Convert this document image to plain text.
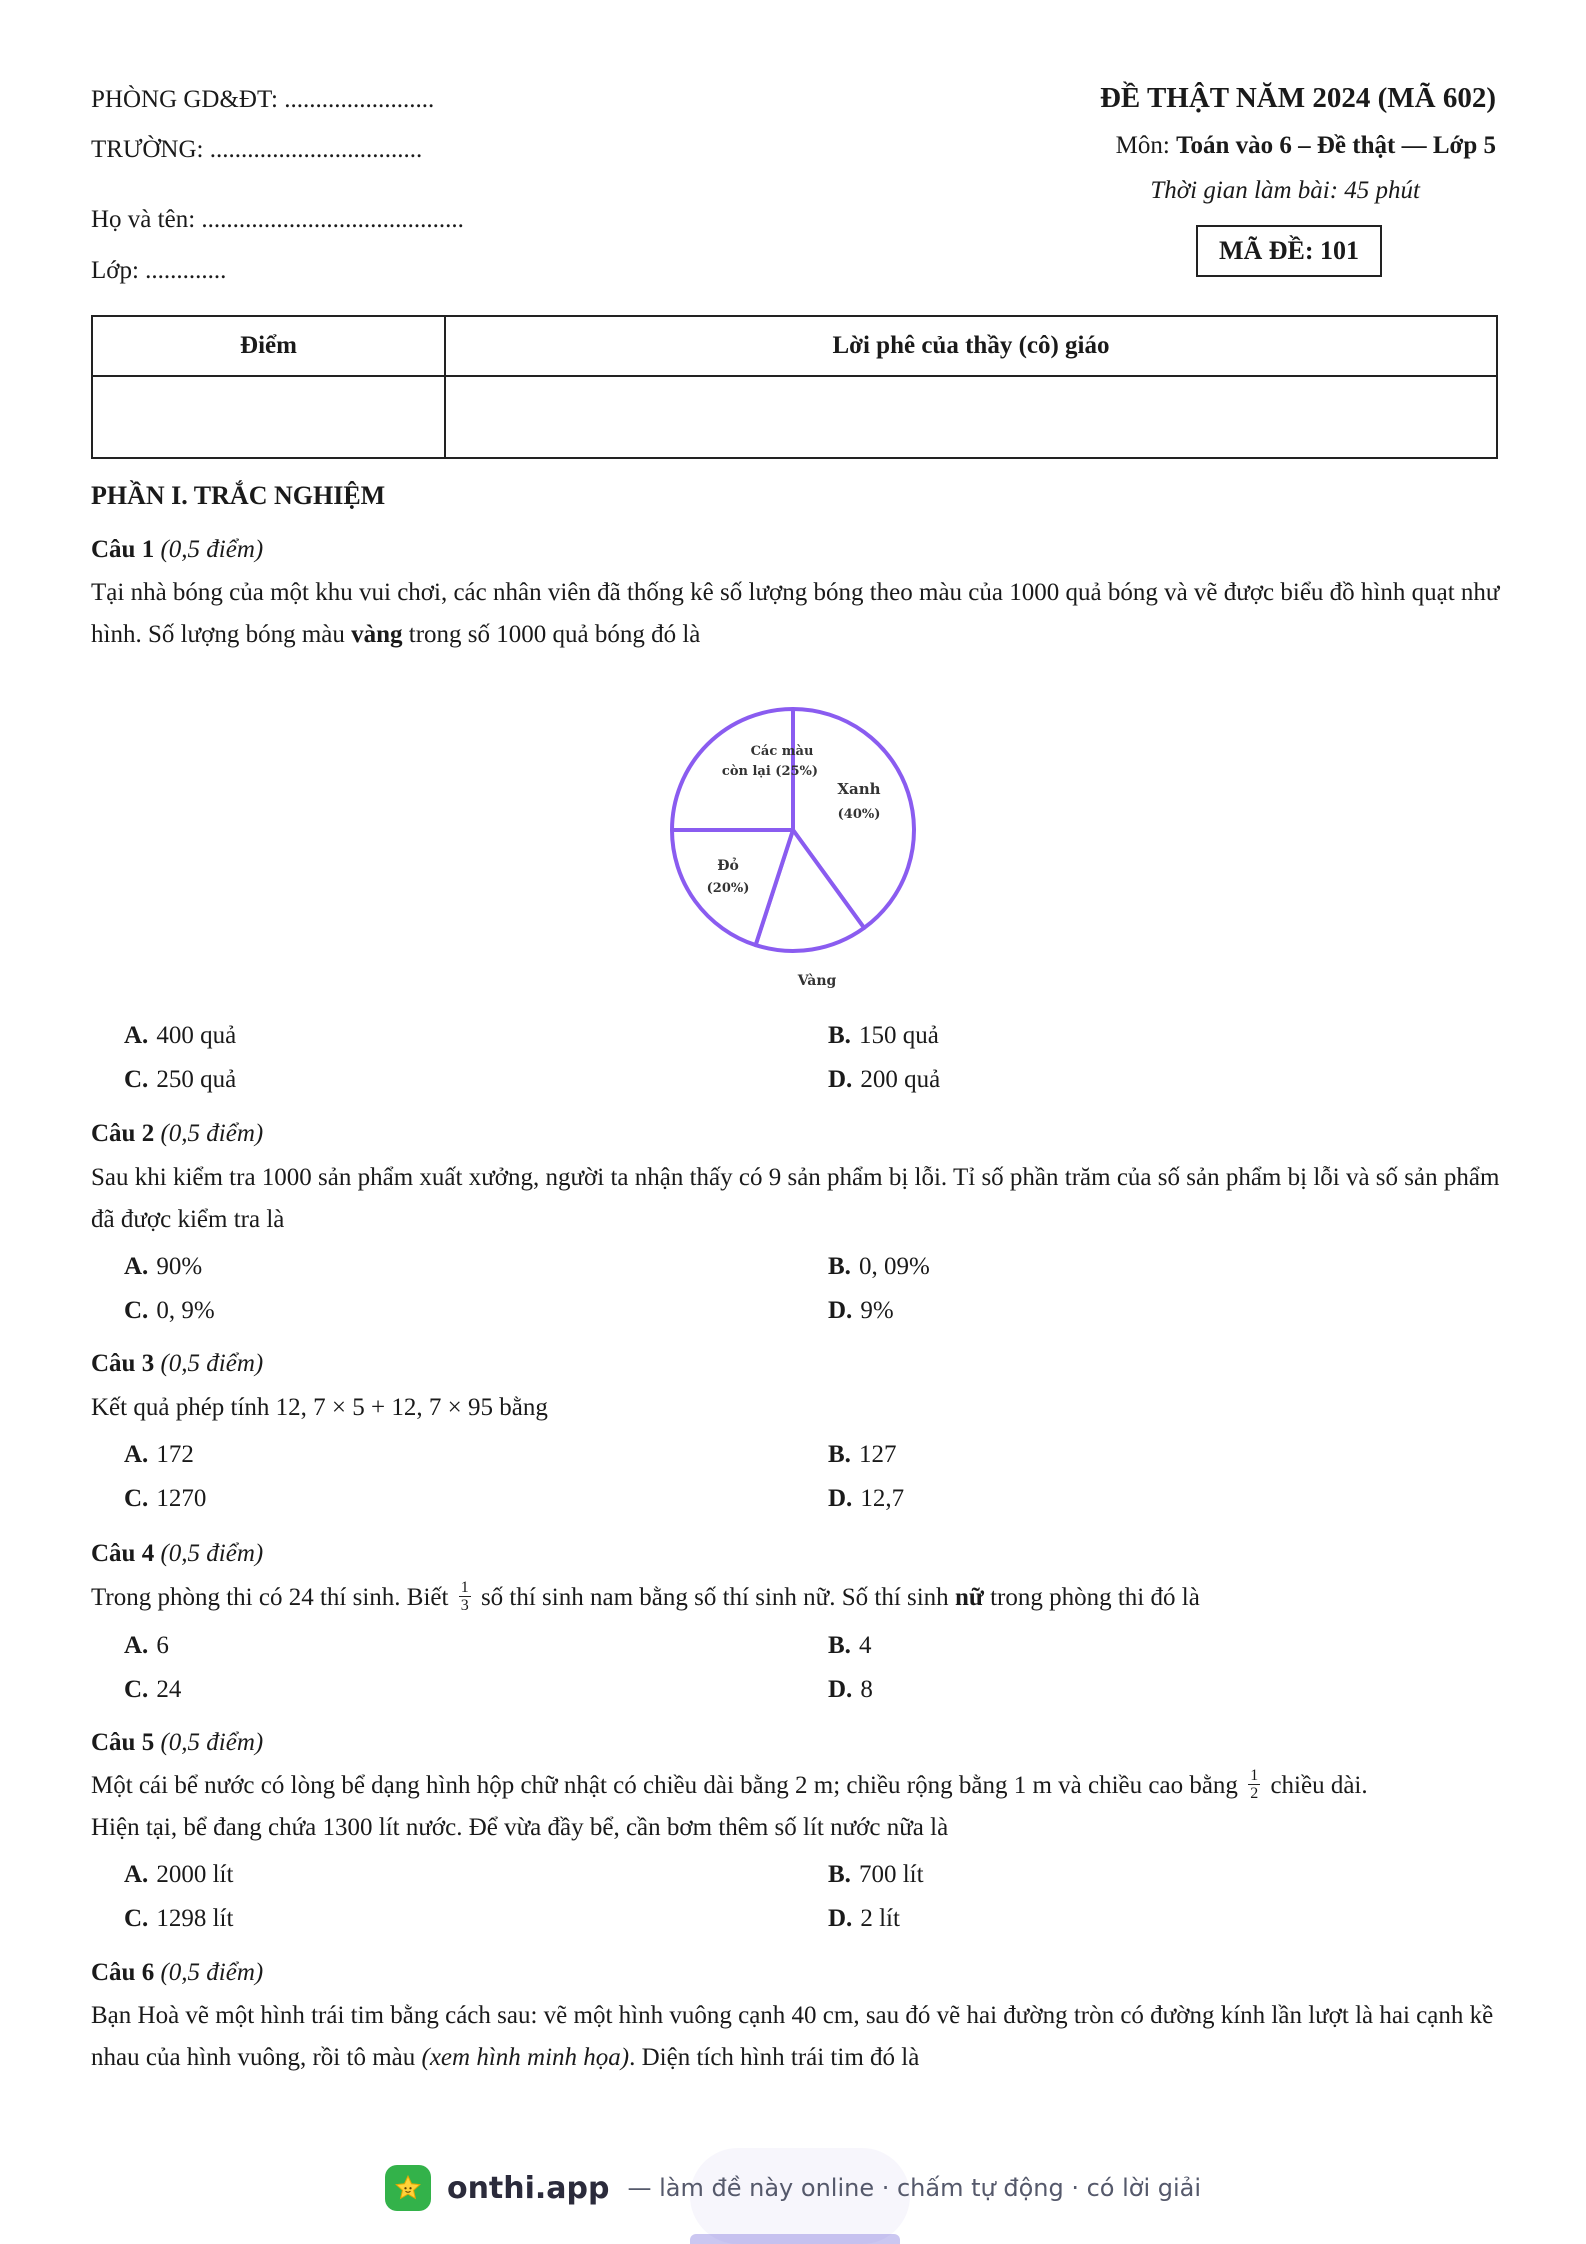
PHÒNG GD&ĐT: ........................
TRƯỜNG: ..................................
Họ và tên: ..........................................
Lớp: .............
ĐỀ THẬT NĂM 2024 (MÃ 602)
Môn: Toán vào 6 – Đề thật — Lớp 5
Thời gian làm bài: 45 phút
MÃ ĐỀ: 101
Điểm	Lời phê của thầy (cô) giáo

PHẦN I. TRẮC NGHIỆM
Câu 1 (0,5 điểm)
Tại nhà bóng của một khu vui chơi, các nhân viên đã thống kê số lượng bóng theo màu của 1000 quả bóng và vẽ được biểu đồ hình quạt như hình. Số lượng bóng màu vàng trong số 1000 quả bóng đó là
Các màu
còn lại (25%)
Xanh
(40%)
Đỏ
(20%)
Vàng
A. 400 quả	B. 150 quả
C. 250 quả	D. 200 quả
Câu 2 (0,5 điểm)
Sau khi kiểm tra 1000 sản phẩm xuất xưởng, người ta nhận thấy có 9 sản phẩm bị lỗi. Tỉ số phần trăm của số sản phẩm bị lỗi và số sản phẩm đã được kiểm tra là
A. 90%	B. 0, 09%
C. 0, 9%	D. 9%
Câu 3 (0,5 điểm)
Kết quả phép tính 12, 7 × 5 + 12, 7 × 95 bằng
A. 172	B. 127
C. 1270	D. 12,7
Câu 4 (0,5 điểm)
Trong phòng thi có 24 thí sinh. Biết $\frac{1}{3}$ số thí sinh nam bằng số thí sinh nữ. Số thí sinh nữ trong phòng thi đó là
A. 6	B. 4
C. 24	D. 8
Câu 5 (0,5 điểm)
Một cái bể nước có lòng bể dạng hình hộp chữ nhật có chiều dài bằng 2 m; chiều rộng bằng 1 m và chiều cao bằng $\frac{1}{2}$ chiều dài.
Hiện tại, bể đang chứa 1300 lít nước. Để vừa đầy bể, cần bơm thêm số lít nước nữa là
A. 2000 lít	B. 700 lít
C. 1298 lít	D. 2 lít
Câu 6 (0,5 điểm)
Bạn Hoà vẽ một hình trái tim bằng cách sau: vẽ một hình vuông cạnh 40 cm, sau đó vẽ hai đường tròn có đường kính lần lượt là hai cạnh kề nhau của hình vuông, rồi tô màu (xem hình minh họa). Diện tích hình trái tim đó là
onthi.app — làm đề này online · chấm tự động · có lời giải
